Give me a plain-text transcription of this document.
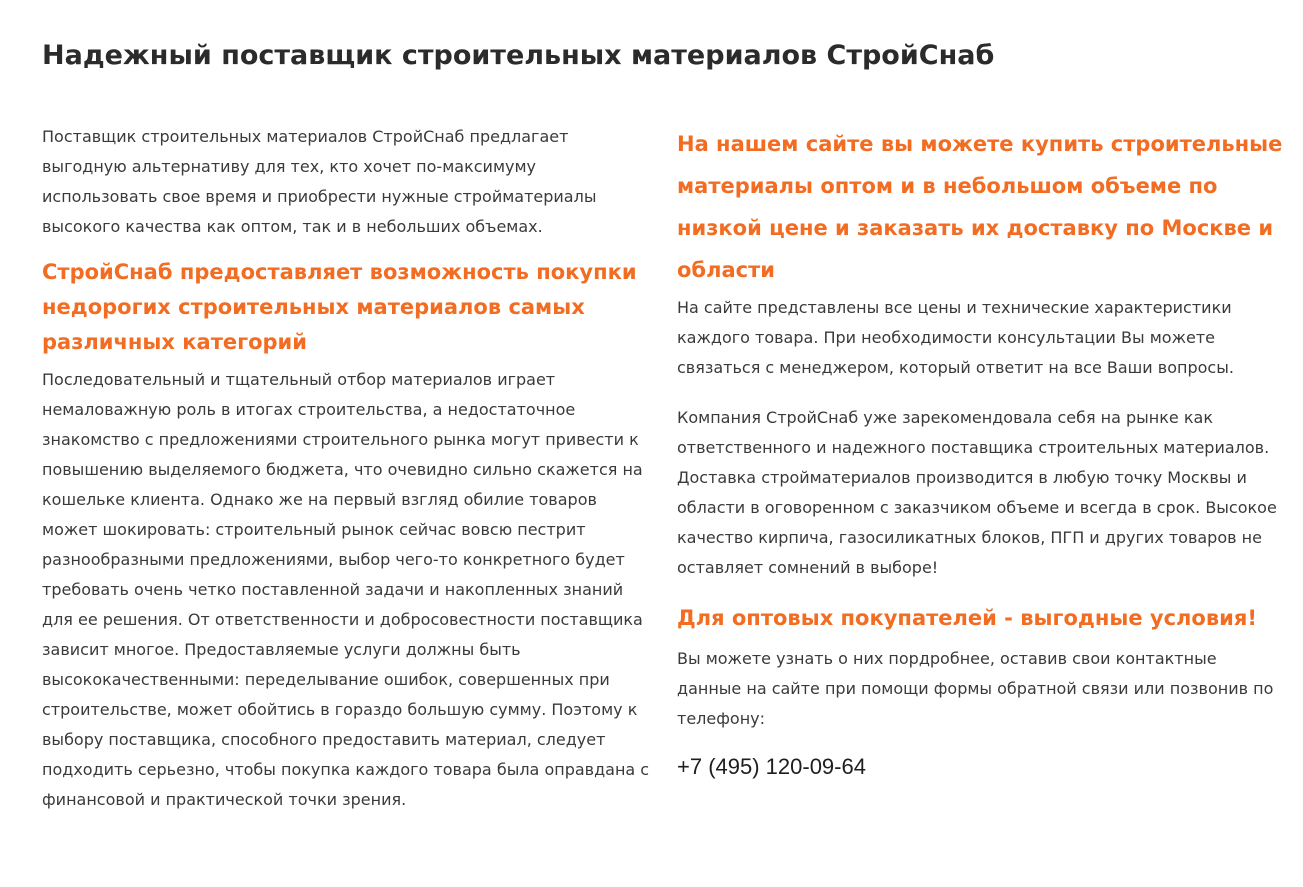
Надежный поставщик строительных материалов СтройСнаб

Поставщик строительных материалов СтройСнаб предлагает выгодную альтернативу для тех, кто хочет по-максимуму использовать свое время и приобрести нужные стройматериалы высокого качества как оптом, так и в небольших объемах.

СтройСнаб предоставляет возможность покупки недорогих строительных материалов самых различных категорий

Последовательный и тщательный отбор материалов играет немаловажную роль в итогах строительства, а недостаточное знакомство с предложениями строительного рынка могут привести к повышению выделяемого бюджета, что очевидно сильно скажется на кошельке клиента. Однако же на первый взгляд обилие товаров может шокировать: строительный рынок сейчас вовсю пестрит разнообразными предложениями, выбор чего-то конкретного будет требовать очень четко поставленной задачи и накопленных знаний для ее решения. От ответственности и добросовестности поставщика зависит многое. Предоставляемые услуги должны быть высококачественными: переделывание ошибок, совершенных при строительстве, может обойтись в гораздо большую сумму. Поэтому к выбору поставщика, способного предоставить материал, следует подходить серьезно, чтобы покупка каждого товара была оправдана с финансовой и практической точки зрения.

На нашем сайте вы можете купить строительные материалы оптом и в небольшом объеме по низкой цене и заказать их доставку по Москве и области

На сайте представлены все цены и технические характеристики каждого товара. При необходимости консультации Вы можете связаться с менеджером, который ответит на все Ваши вопросы.

Компания СтройСнаб уже зарекомендовала себя на рынке как ответственного и надежного поставщика строительных материалов. Доставка стройматериалов производится в любую точку Москвы и области в оговоренном с заказчиком объеме и всегда в срок. Высокое качество кирпича, газосиликатных блоков, ПГП и других товаров не оставляет сомнений в выборе!

Для оптовых покупателей - выгодные условия!

Вы можете узнать о них пордробнее, оставив свои контактные данные на сайте при помощи формы обратной связи или позвонив по телефону:

+7 (495) 120-09-64
